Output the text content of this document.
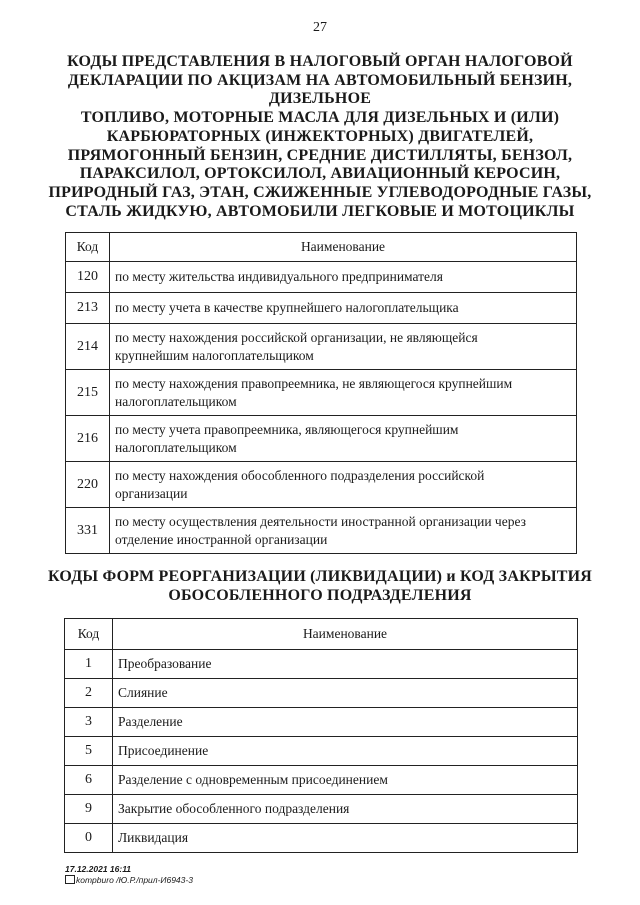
27
КОДЫ ПРЕДСТАВЛЕНИЯ В НАЛОГОВЫЙ ОРГАН НАЛОГОВОЙ
ДЕКЛАРАЦИИ ПО АКЦИЗАМ НА АВТОМОБИЛЬНЫЙ БЕНЗИН,
ДИЗЕЛЬНОЕ
ТОПЛИВО, МОТОРНЫЕ МАСЛА ДЛЯ ДИЗЕЛЬНЫХ И (ИЛИ)
КАРБЮРАТОРНЫХ (ИНЖЕКТОРНЫХ) ДВИГАТЕЛЕЙ,
ПРЯМОГОННЫЙ БЕНЗИН, СРЕДНИЕ ДИСТИЛЛЯТЫ, БЕНЗОЛ,
ПАРАКСИЛОЛ, ОРТОКСИЛОЛ, АВИАЦИОННЫЙ КЕРОСИН,
ПРИРОДНЫЙ ГАЗ, ЭТАН, СЖИЖЕННЫЕ УГЛЕВОДОРОДНЫЕ ГАЗЫ,
СТАЛЬ ЖИДКУЮ, АВТОМОБИЛИ ЛЕГКОВЫЕ И МОТОЦИКЛЫ
Код	Наименование
120	по месту жительства индивидуального предпринимателя
213	по месту учета в качестве крупнейшего налогоплательщика
214	по месту нахождения российской организации, не являющейся
крупнейшим налогоплательщиком

215	по месту нахождения правопреемника, не являющегося крупнейшим
налогоплательщиком

216	по месту учета правопреемника, являющегося крупнейшим
налогоплательщиком

220	по месту нахождения обособленного подразделения российской
организации

331	по месту осуществления деятельности иностранной организации через
отделение иностранной организации
КОДЫ ФОРМ РЕОРГАНИЗАЦИИ (ЛИКВИДАЦИИ) и КОД ЗАКРЫТИЯ
ОБОСОБЛЕННОГО ПОДРАЗДЕЛЕНИЯ
Код	Наименование
1	Преобразование
2	Слияние
3	Разделение
5	Присоединение
6	Разделение с одновременным присоединением
9	Закрытие обособленного подразделения
0	Ликвидация
17.12.2021 16:11
kompburo /Ю.Р./прил-И6943-3
